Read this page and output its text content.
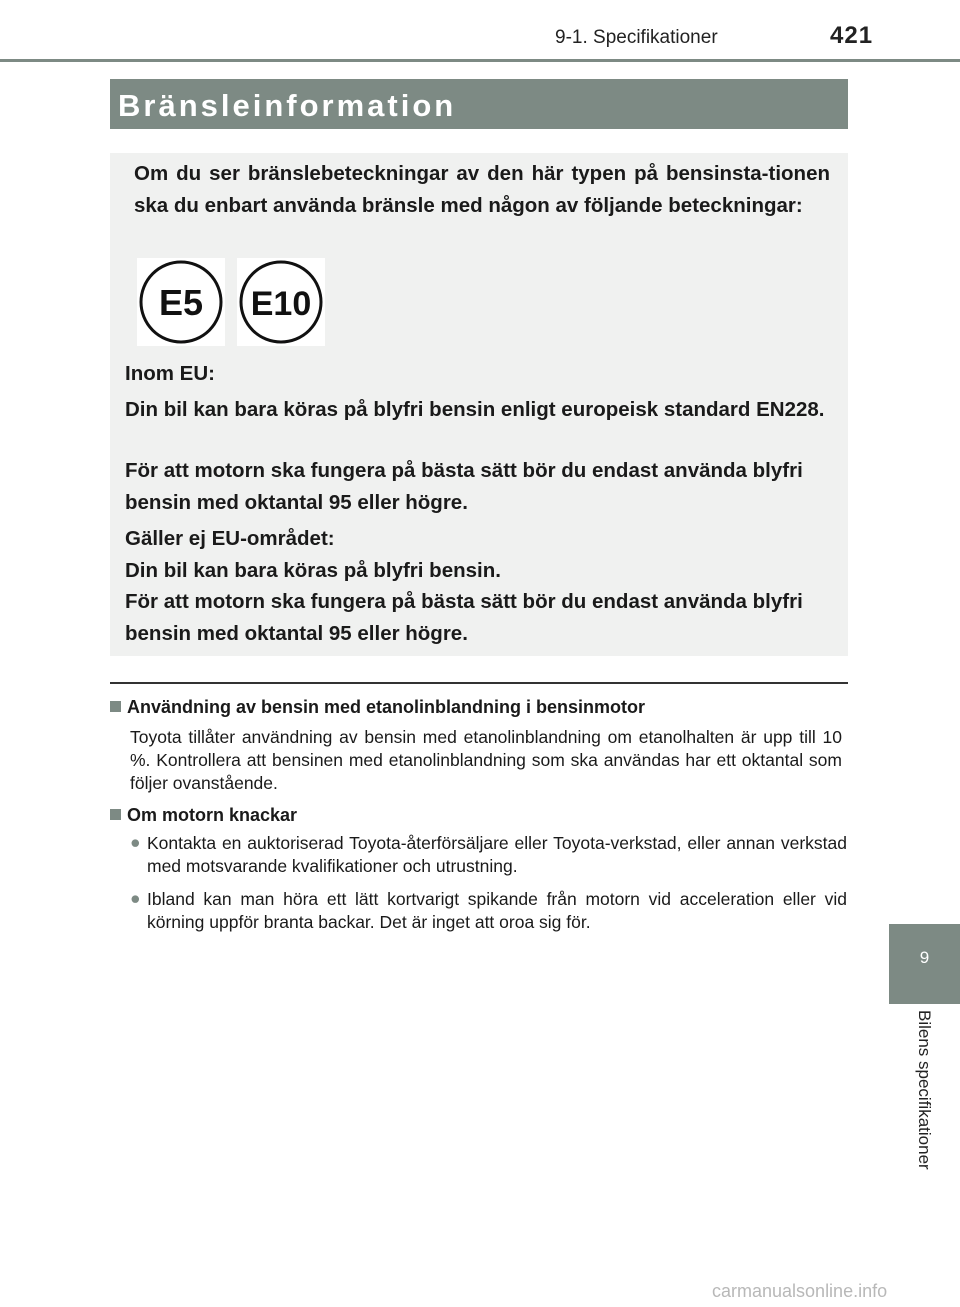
9-1. Specifikationer	421
Bränsleinformation
Om du ser bränslebeteckningar av den här typen på bensinsta-tionen ska du enbart använda bränsle med någon av följande beteckningar:
E5 E10
Inom EU:
Din bil kan bara köras på blyfri bensin enligt europeisk standard EN228.
För att motorn ska fungera på bästa sätt bör du endast använda blyfri bensin med oktantal 95 eller högre.
Gäller ej EU-området:
Din bil kan bara köras på blyfri bensin.
För att motorn ska fungera på bästa sätt bör du endast använda blyfri bensin med oktantal 95 eller högre.
Användning av bensin med etanolinblandning i bensinmotor
Toyota tillåter användning av bensin med etanolinblandning om etanolhalten är upp till 10 %. Kontrollera att bensinen med etanolinblandning som ska användas har ett oktantal som följer ovanstående.
Om motorn knackar
● Kontakta en auktoriserad Toyota-återförsäljare eller Toyota-verkstad, eller annan verkstad med motsvarande kvalifikationer och utrustning.
● Ibland kan man höra ett lätt kortvarigt spikande från motorn vid acceleration eller vid körning uppför branta backar. Det är inget att oroa sig för.
9
Bilens specifikationer
carmanualsonline.info
